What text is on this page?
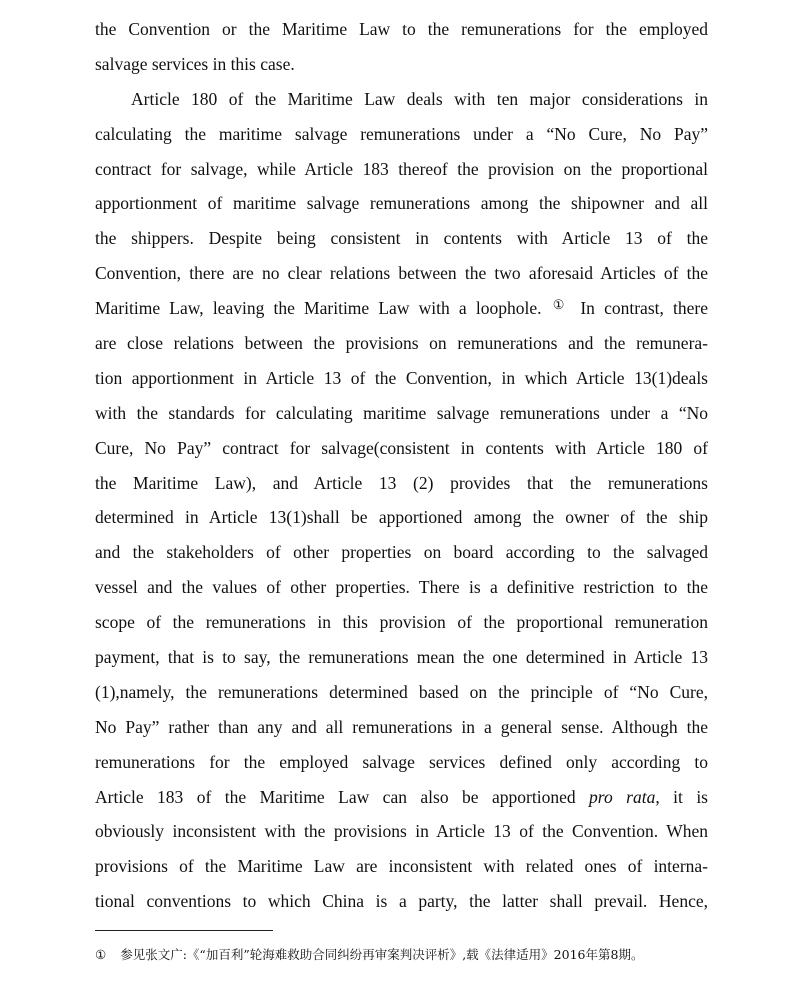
the Convention or the Maritime Law to the remunerations for the employed
salvage services in this case.
Article 180 of the Maritime Law deals with ten major considerations in
calculating the maritime salvage remunerations under a “No Cure, No Pay”
contract for salvage, while Article 183 thereof the provision on the proportional
apportionment of maritime salvage remunerations among the shipowner and all
the shippers. Despite being consistent in contents with Article 13 of the
Convention, there are no clear relations between the two aforesaid Articles of the
Maritime Law, leaving the Maritime Law with a loophole. ① In contrast, there
are close relations between the provisions on remunerations and the remunera-
tion apportionment in Article 13 of the Convention, in which Article 13(1)deals
with the standards for calculating maritime salvage remunerations under a “No
Cure, No Pay” contract for salvage(consistent in contents with Article 180 of
the Maritime Law), and Article 13 (2) provides that the remunerations
determined in Article 13(1)shall be apportioned among the owner of the ship
and the stakeholders of other properties on board according to the salvaged
vessel and the values of other properties. There is a definitive restriction to the
scope of the remunerations in this provision of the proportional remuneration
payment, that is to say, the remunerations mean the one determined in Article 13
(1),namely, the remunerations determined based on the principle of “No Cure,
No Pay” rather than any and all remunerations in a general sense. Although the
remunerations for the employed salvage services defined only according to
Article 183 of the Maritime Law can also be apportioned pro rata, it is
obviously inconsistent with the provisions in Article 13 of the Convention. When
provisions of the Maritime Law are inconsistent with related ones of interna-
tional conventions to which China is a party, the latter shall prevail. Hence,
① 参见张文广:《“加百利”轮海难救助合同纠纷再审案判决评析》,载《法律适用》2016年第8期。
